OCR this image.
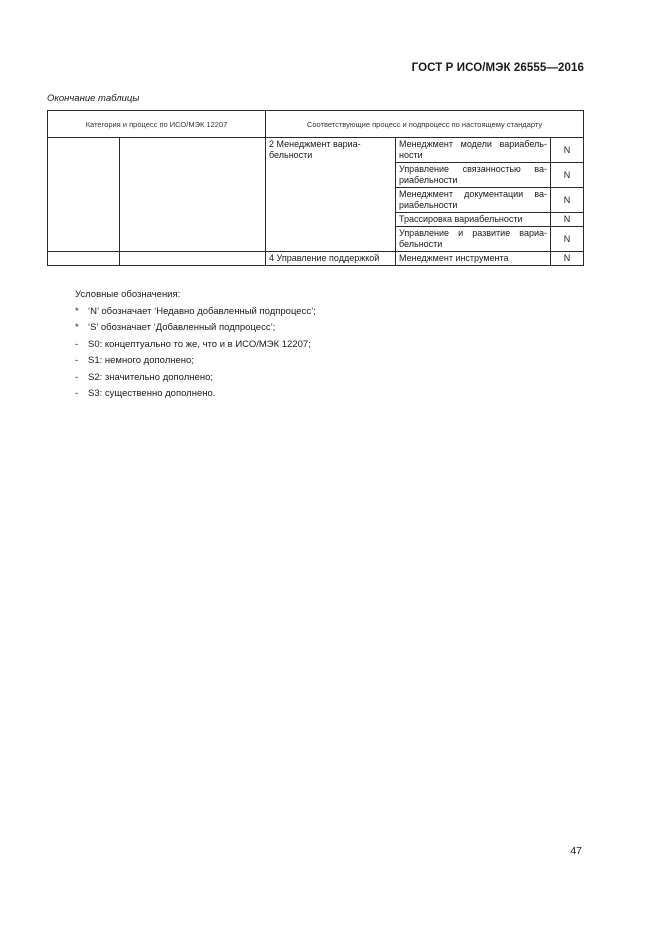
ГОСТ Р ИСО/МЭК 26555—2016
Окончание таблицы
Категория и процесс по ИСО/МЭК 12207		Соответствующие процесс и подпроцесс по настоящему стандарту		
		2 Менеджмент вариабельности	Менеджмент модели вариабельности	N
			Управление связанностью вариабельности	N
			Менеджмент документации вариабельности	N
			Трассировка вариабельности	N
			Управление и развитие вариабельности	N
		4 Управление поддержкой	Менеджмент инструмента	N
Условные обозначения:
* ‘N’ обозначает ‘Недавно добавленный подпроцесс’;
* ‘S’ обозначает ‘Добавленный подпроцесс’;
-	S0: концептуально то же, что и в ИСО/МЭК 12207;
-	S1: немного дополнено;
-	S2: значительно дополнено;
-	S3: существенно дополнено.
47
